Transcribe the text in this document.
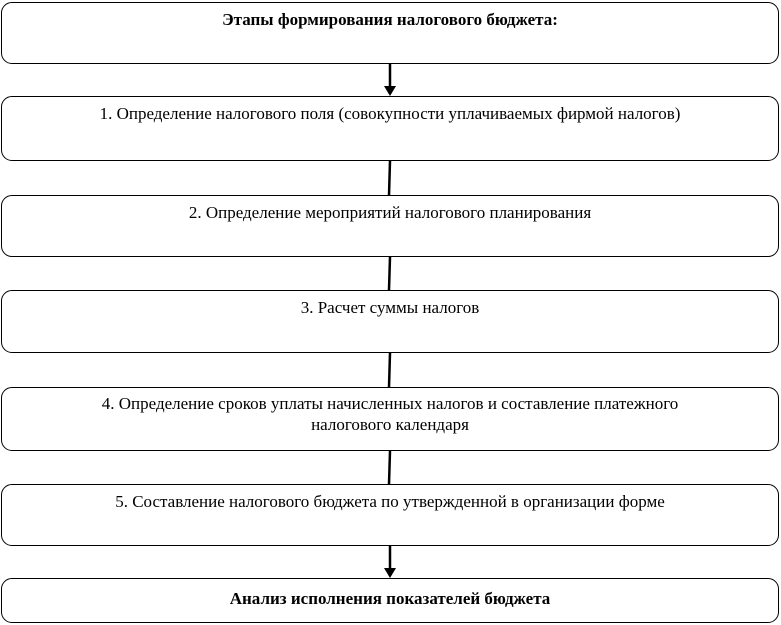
Этапы формирования налогового бюджета:
1. Определение налогового поля (совокупности уплачиваемых фирмой налогов)
2. Определение мероприятий налогового планирования
3. Расчет суммы налогов
4. Определение сроков уплаты начисленных налогов и составление платежного
налогового календаря
5. Составление налогового бюджета по утвержденной в организации форме
Анализ исполнения показателей бюджета
